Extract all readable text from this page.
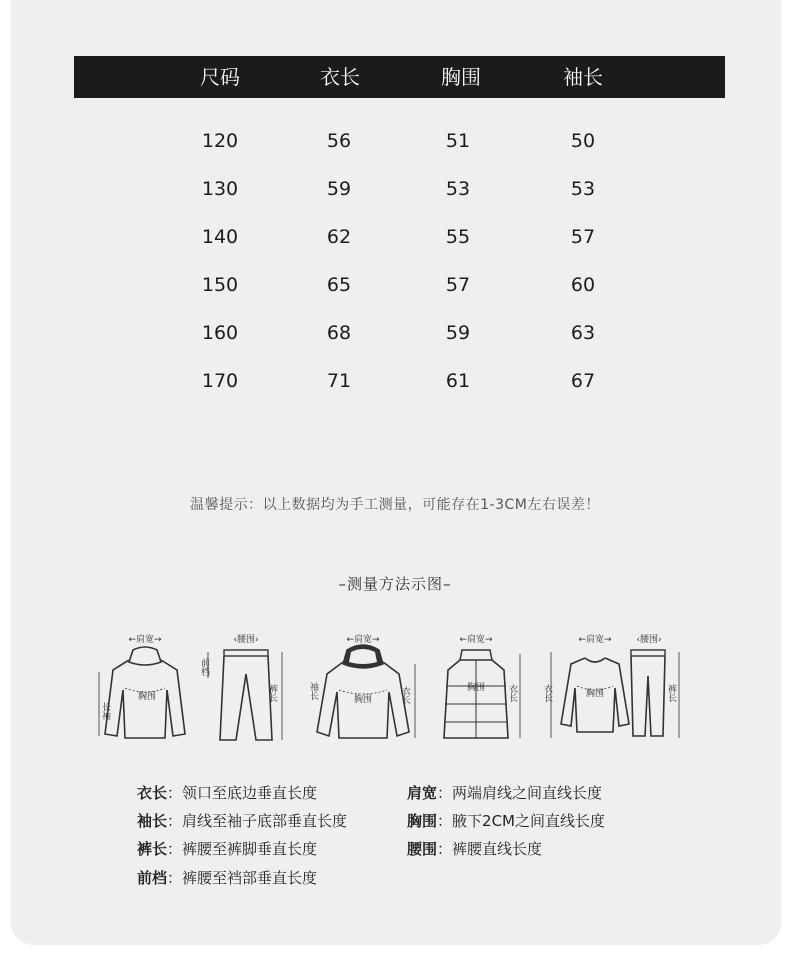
尺码	衣长	胸围	袖长
120	56	51	50
130	59	53	53
140	62	55	57
150	65	57	60
160	68	59	63
170	71	61	67
温馨提示：以上数据均为手工测量，可能存在1-3CM左右误差！
–测量方法示图–
←肩宽→
胸围
长袖
‹腰围›
前档
裤长
←肩宽→
胸围
袖长	衣长
←肩宽→
胸围 衣长
←肩宽→
胸围
衣长
‹腰围›
裤长
衣长：领口至底边垂直长度
袖长：肩线至袖子底部垂直长度
裤长：裤腰至裤脚垂直长度
前档：裤腰至裆部垂直长度
肩宽：两端肩线之间直线长度
胸围：腋下2CM之间直线长度
腰围：裤腰直线长度
